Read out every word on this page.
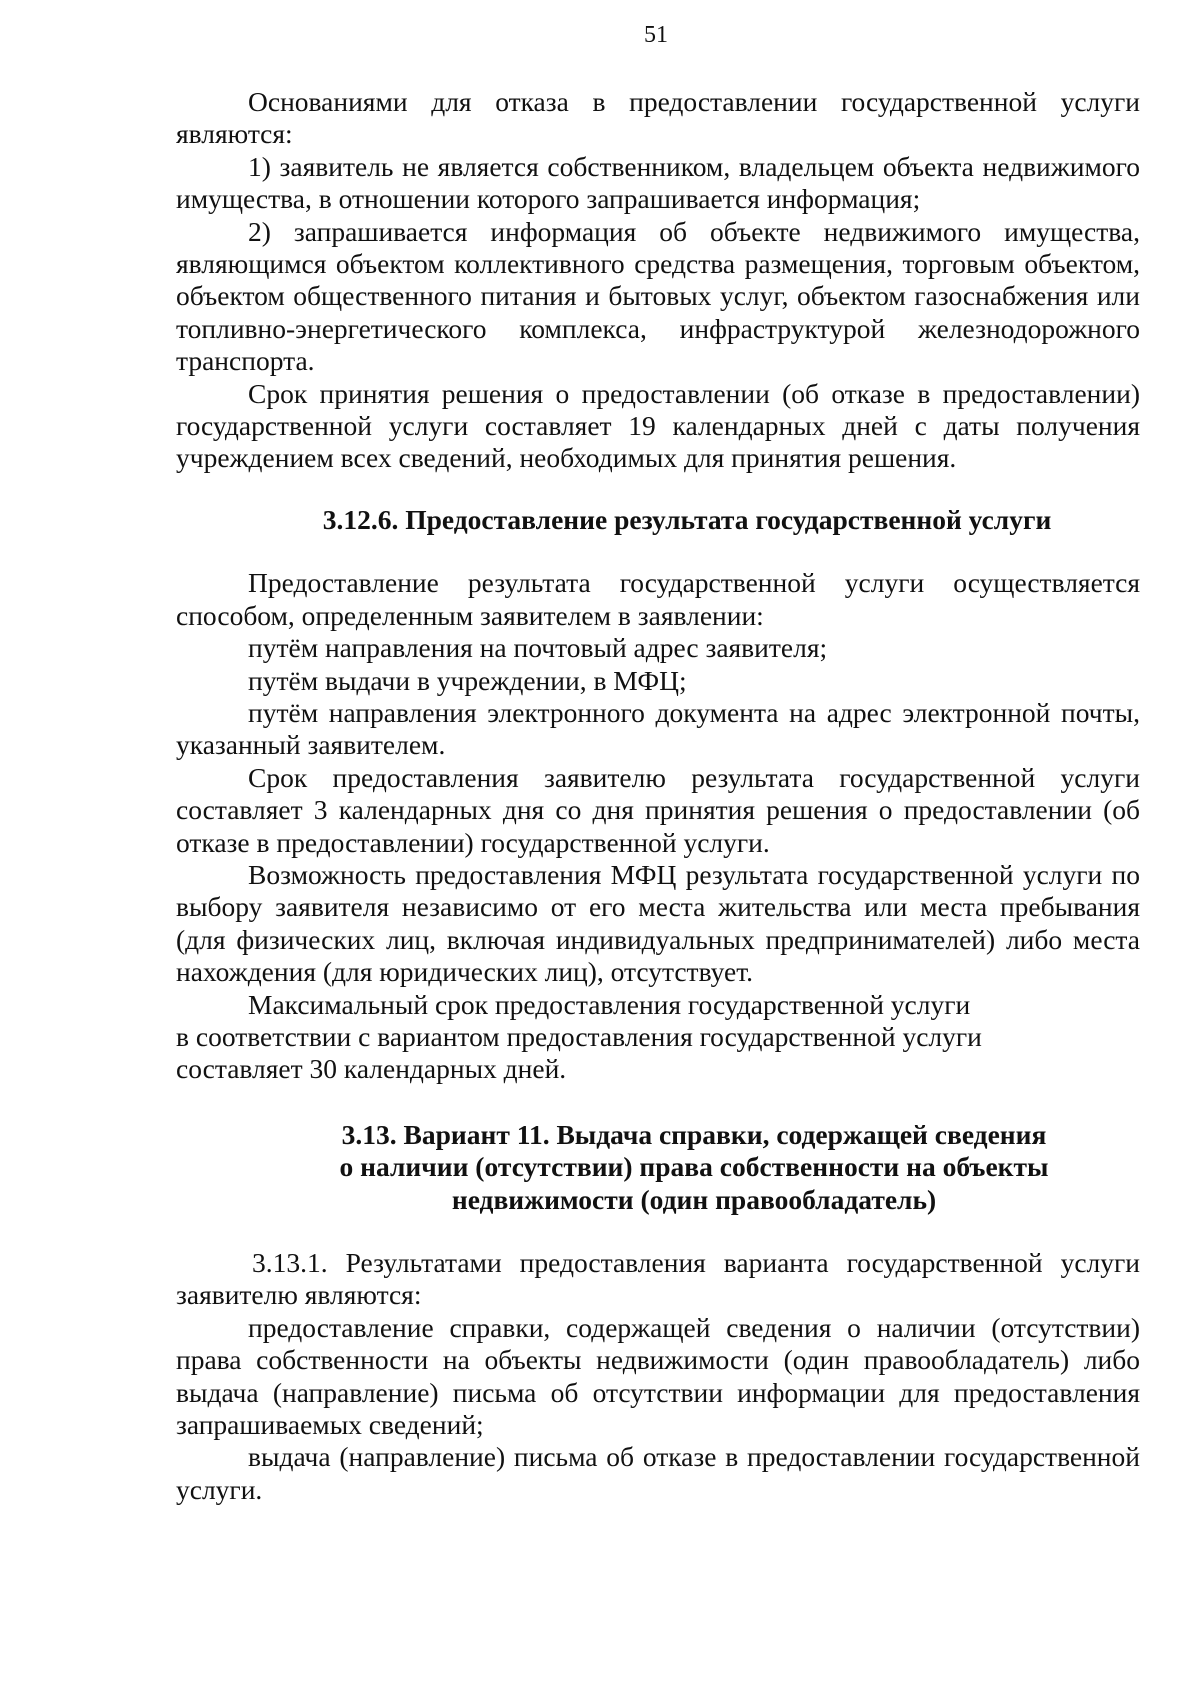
51

Основаниями для отказа в предоставлении государственной услуги являются:

1) заявитель не является собственником, владельцем объекта недвижимого имущества, в отношении которого запрашивается информация;

2) запрашивается информация об объекте недвижимого имущества, являющимся объектом коллективного средства размещения, торговым объектом, объектом общественного питания и бытовых услуг, объектом газоснабжения или топливно-энергетического комплекса, инфраструктурой железнодорожного транспорта.

Срок принятия решения о предоставлении (об отказе в предоставлении) государственной услуги составляет 19 календарных дней с даты получения учреждением всех сведений, необходимых для принятия решения.

3.12.6. Предоставление результата государственной услуги

Предоставление результата государственной услуги осуществляется способом, определенным заявителем в заявлении:

путём направления на почтовый адрес заявителя;

путём выдачи в учреждении, в МФЦ;

путём направления электронного документа на адрес электронной почты, указанный заявителем.

Срок предоставления заявителю результата государственной услуги составляет 3 календарных дня со дня принятия решения о предоставлении (об отказе в предоставлении) государственной услуги.

Возможность предоставления МФЦ результата государственной услуги по выбору заявителя независимо от его места жительства или места пребывания (для физических лиц, включая индивидуальных предпринимателей) либо места нахождения (для юридических лиц), отсутствует.

Максимальный срок предоставления государственной услуги

в соответствии с вариантом предоставления государственной услуги

составляет 30 календарных дней.

3.13. Вариант 11. Выдача справки, содержащей сведения
о наличии (отсутствии) права собственности на объекты
недвижимости (один правообладатель)

3.13.1. Результатами предоставления варианта государственной услуги заявителю являются:

предоставление справки, содержащей сведения о наличии (отсутствии) права собственности на объекты недвижимости (один правообладатель) либо выдача (направление) письма об отсутствии информации для предоставления запрашиваемых сведений;

выдача (направление) письма об отказе в предоставлении государственной услуги.
